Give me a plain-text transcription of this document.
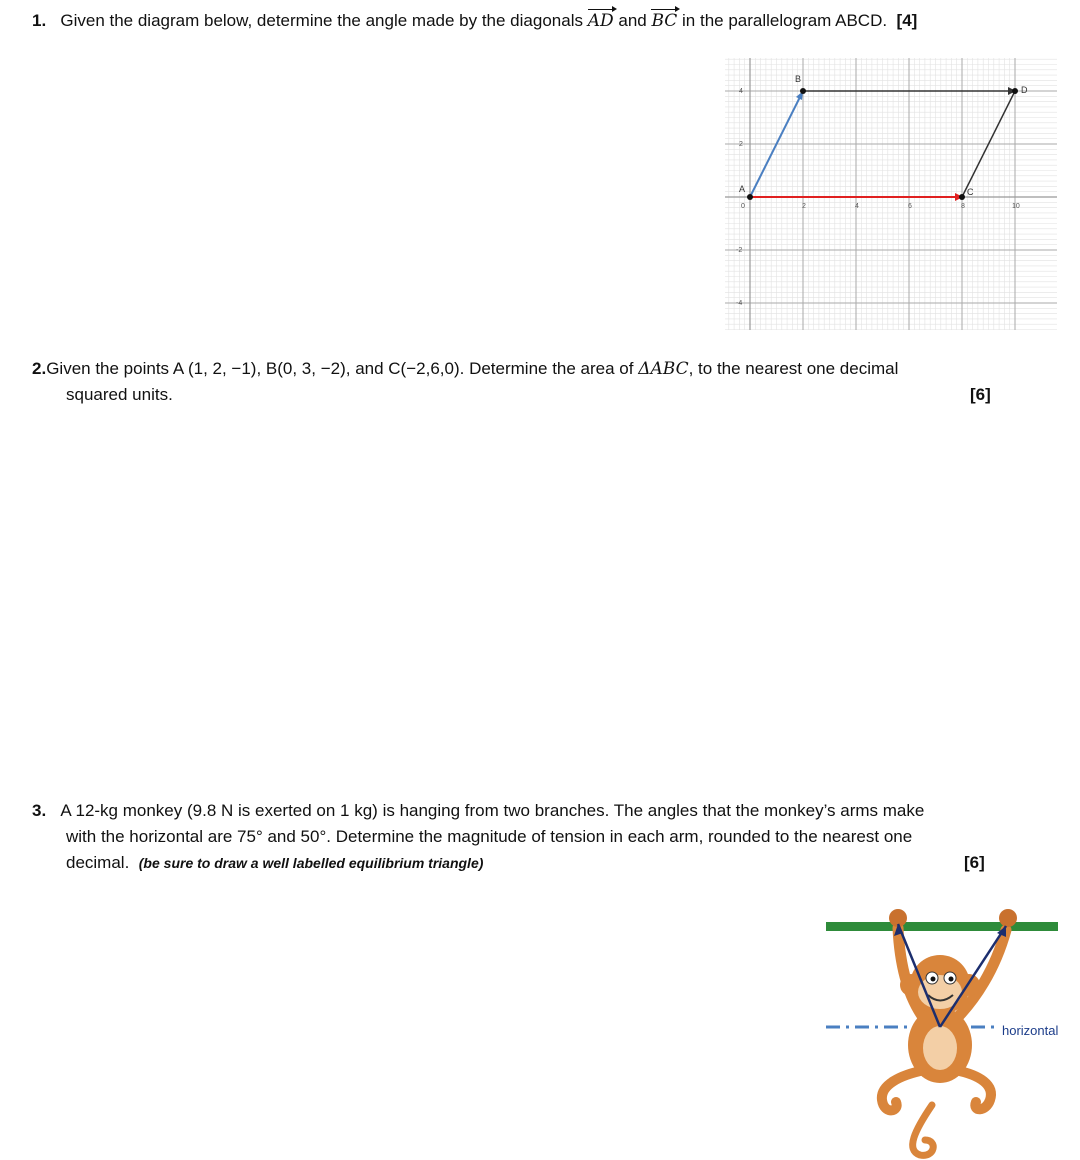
1. Given the diagram below, determine the angle made by the diagonals AD and BC in the parallelogram ABCD. [4]
0	2	4	6	8	10
4
2
-2
-4
A
B
C
D
2.Given the points A (1, 2, −1), B(0, 3, −2), and C(−2,6,0). Determine the area of ΔABC, to the nearest one decimal
squared units.	[6]
3. A 12-kg monkey (9.8 N is exerted on 1 kg) is hanging from two branches. The angles that the monkey’s arms make
with the horizontal are 75° and 50°. Determine the magnitude of tension in each arm, rounded to the nearest one
decimal. (be sure to draw a well labelled equilibrium triangle)	[6]
horizontal
